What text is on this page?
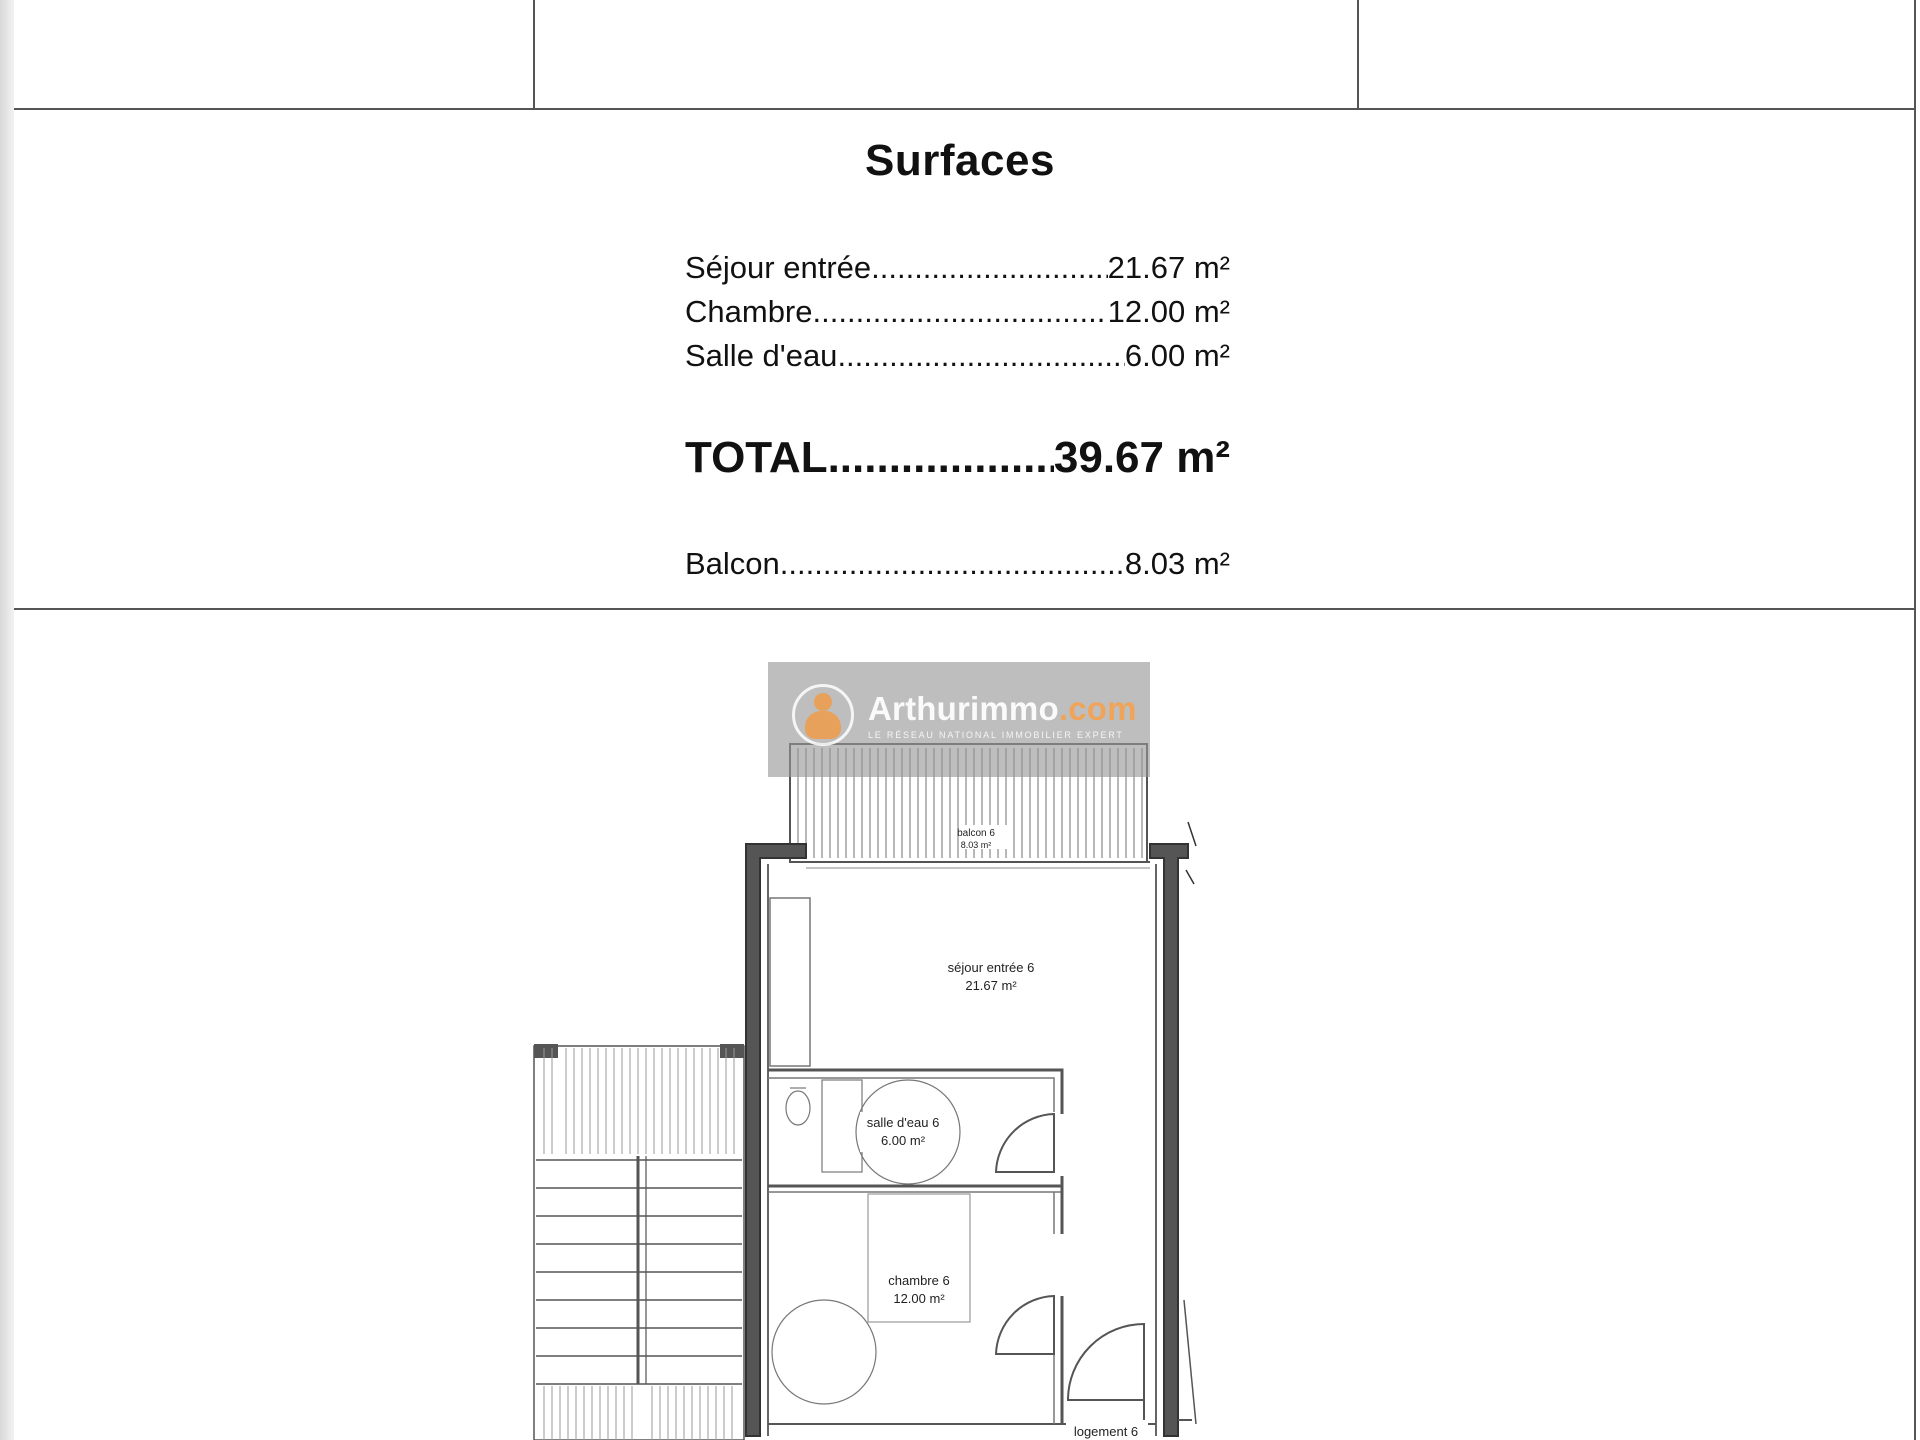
Surfaces
Séjour entrée .....	21.67 m²
Chambre .....	12.00 m²
Salle d'eau .....	6.00 m²
TOTAL .....	39.67 m²
Balcon .....	8.03 m²
balcon 6
8.03 m²
salle d'eau 6
6.00 m²
chambre 6
12.00 m²
séjour entrée 6
21.67 m²
logement 6
Arthurimmo.com
LE RÉSEAU NATIONAL IMMOBILIER EXPERT
